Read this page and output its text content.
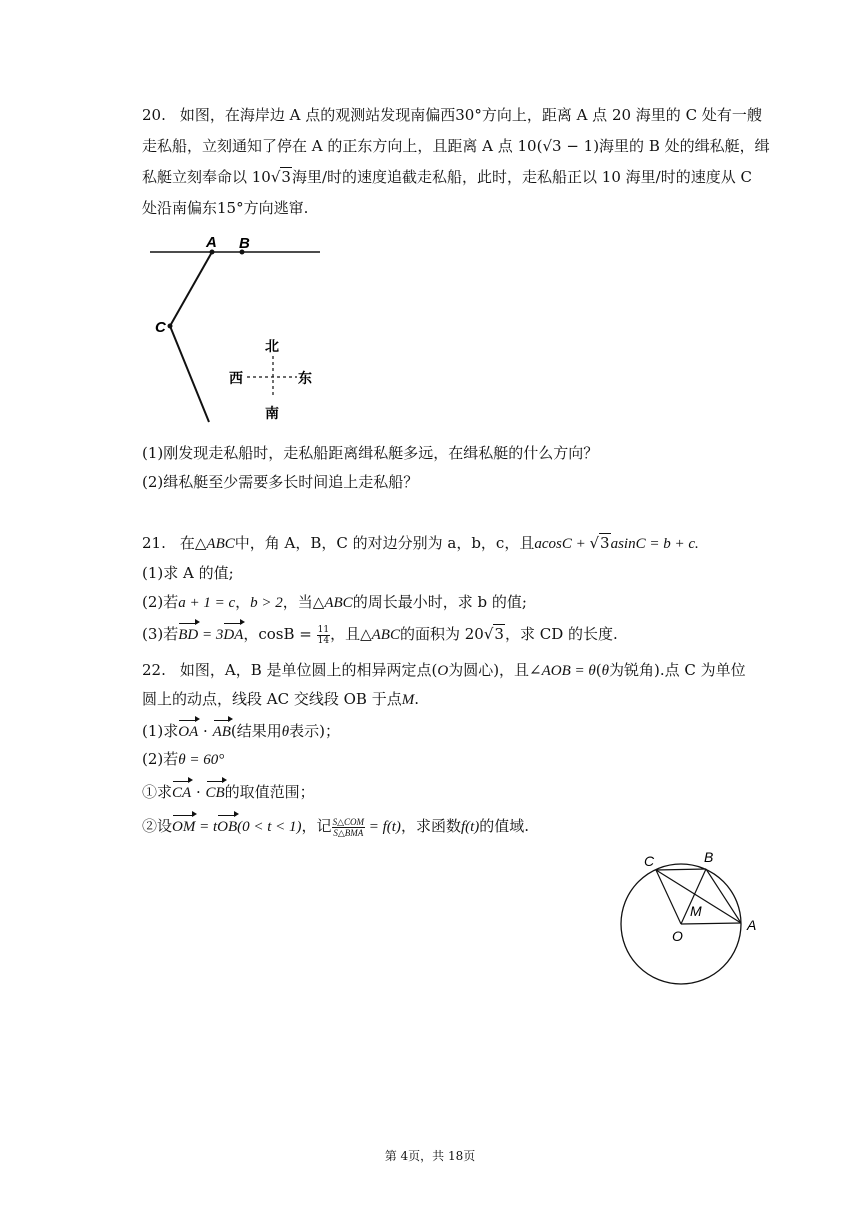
20. 如图，在海岸边 A 点的观测站发现南偏西30°方向上，距离 A 点 20 海里的 C 处有一艘
走私船，立刻通知了停在 A 的正东方向上，且距离 A 点 10(√3 − 1)海里的 B 处的缉私艇，缉
私艇立刻奉命以 10√3海里/时的速度追截走私船，此时，走私船正以 10 海里/时的速度从 C
处沿南偏东15°方向逃窜.
A B
C
北
南
西	东
(1)刚发现走私船时，走私船距离缉私艇多远，在缉私艇的什么方向？
(2)缉私艇至少需要多长时间追上走私船？
21. 在△ABC中，角 A，B，C 的对边分别为 a，b，c，且acosC + √3asinC = b + c.
(1)求 A 的值;
(2)若a + 1 = c，b > 2，当△ABC的周长最小时，求 b 的值;
(3)若BD = 3DA，$\cos B = \frac{11}{14}$ ，且△ABC的面积为 20√3，求 CD 的长度.
22. 如图，A，B 是单位圆上的相异两定点(O为圆心)，且∠AOB = θ(θ为锐角).点 C 为单位
圆上的动点，线段 AC 交线段 OB 于点M.
(1)求OA · AB(结果用θ表示)；
(2)若θ = 60°
①求CA · CB的取值范围；
②设OM = tOB(0 < t < 1)，记 $\frac{\text{S△COM}}{\text{S△BMA}} = f(t)$，求函数f(t)的值域.
C	B
M
O
A
第 4页，共 18页
